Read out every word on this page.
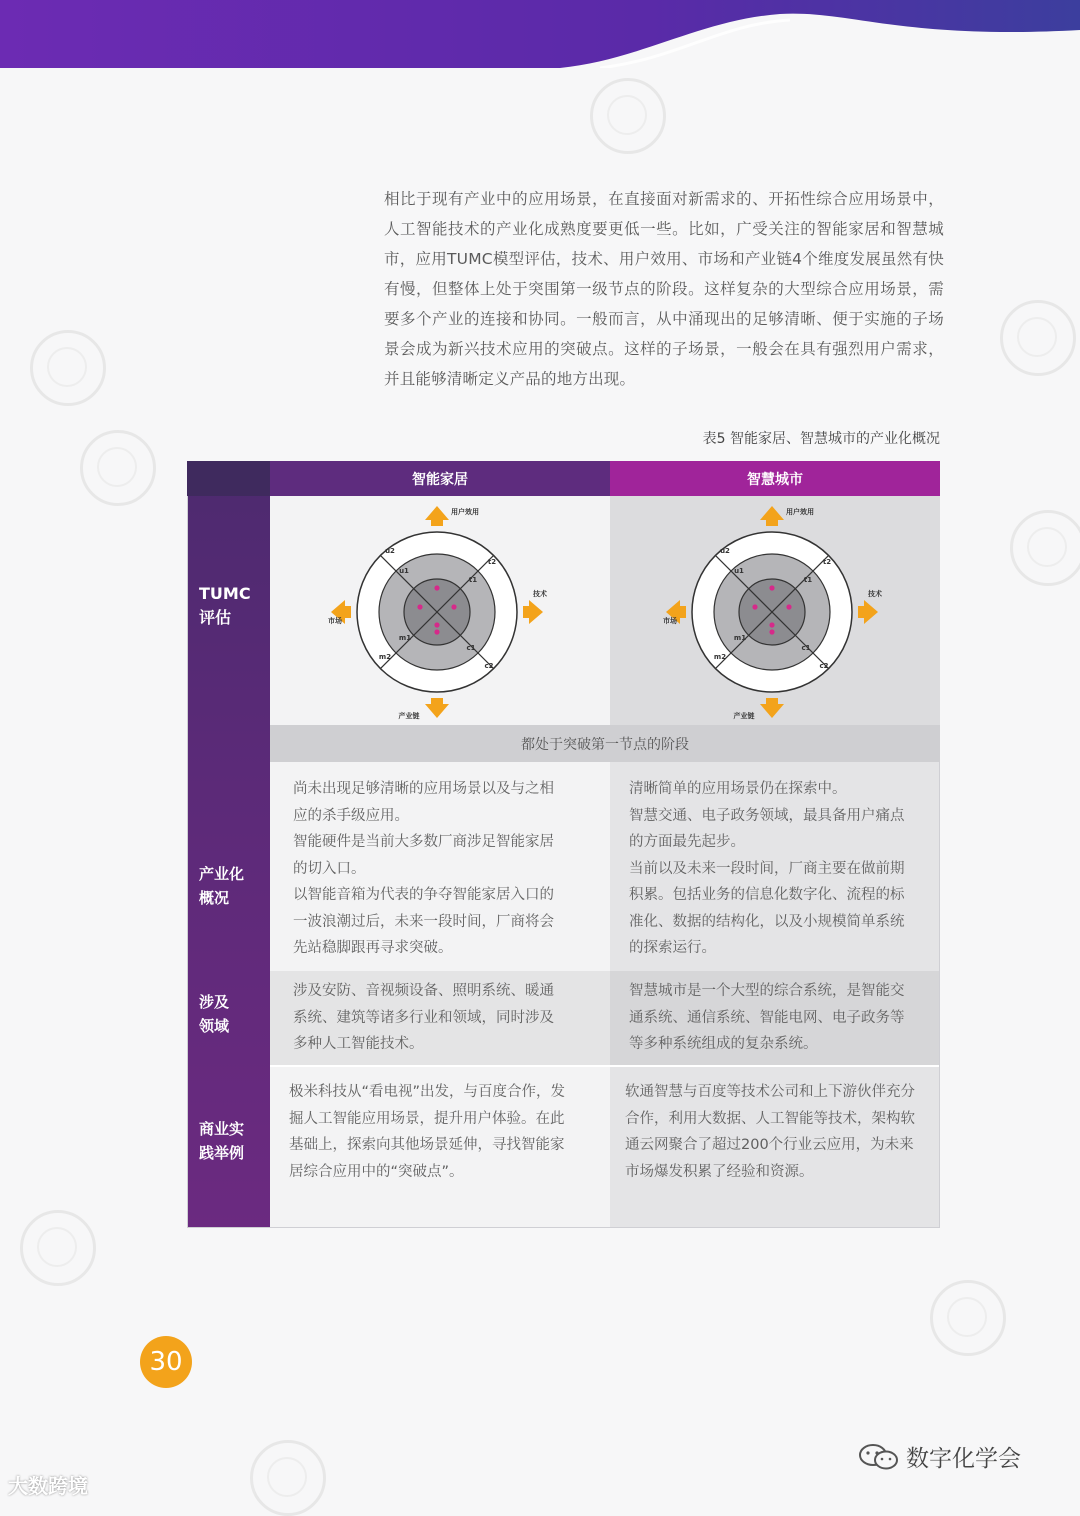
相比于现有产业中的应用场景，在直接面对新需求的、开拓性综合应用场景中，人工智能技术的产业化成熟度要更低一些。比如，广受关注的智能家居和智慧城市，应用TUMC模型评估，技术、用户效用、市场和产业链4个维度发展虽然有快有慢，但整体上处于突围第一级节点的阶段。这样复杂的大型综合应用场景，需要多个产业的连接和协同。一般而言，从中涌现出的足够清晰、便于实施的子场景会成为新兴技术应用的突破点。这样的子场景，一般会在具有强烈用户需求，并且能够清晰定义产品的地方出现。
表5 智能家居、智慧城市的产业化概况
智能家居	智慧城市
TUMC
评估
产业化
概况
涉及
领域
商业实
践举例
用户效用
技术
市场
产业链
u2
u1
t1
t2
m1
m2
c1
c2
用户效用
技术
市场
产业链
u2
u1
t1
t2
m1
m2
c1
c2
都处于突破第一节点的阶段
尚未出现足够清晰的应用场景以及与之相应的杀手级应用。
智能硬件是当前大多数厂商涉足智能家居的切入口。
以智能音箱为代表的争夺智能家居入口的一波浪潮过后，未来一段时间，厂商将会先站稳脚跟再寻求突破。
清晰简单的应用场景仍在探索中。
智慧交通、电子政务领域，最具备用户痛点的方面最先起步。
当前以及未来一段时间，厂商主要在做前期积累。包括业务的信息化数字化、流程的标准化、数据的结构化，以及小规模简单系统的探索运行。
涉及安防、音视频设备、照明系统、暖通系统、建筑等诸多行业和领域，同时涉及多种人工智能技术。
智慧城市是一个大型的综合系统，是智能交通系统、通信系统、智能电网、电子政务等等多种系统组成的复杂系统。
极米科技从“看电视”出发，与百度合作，发掘人工智能应用场景，提升用户体验。在此基础上，探索向其他场景延伸，寻找智能家居综合应用中的“突破点”。
软通智慧与百度等技术公司和上下游伙伴充分合作，利用大数据、人工智能等技术，架构软通云网聚合了超过200个行业云应用，为未来市场爆发积累了经验和资源。
30
大数跨境
数字化学会
